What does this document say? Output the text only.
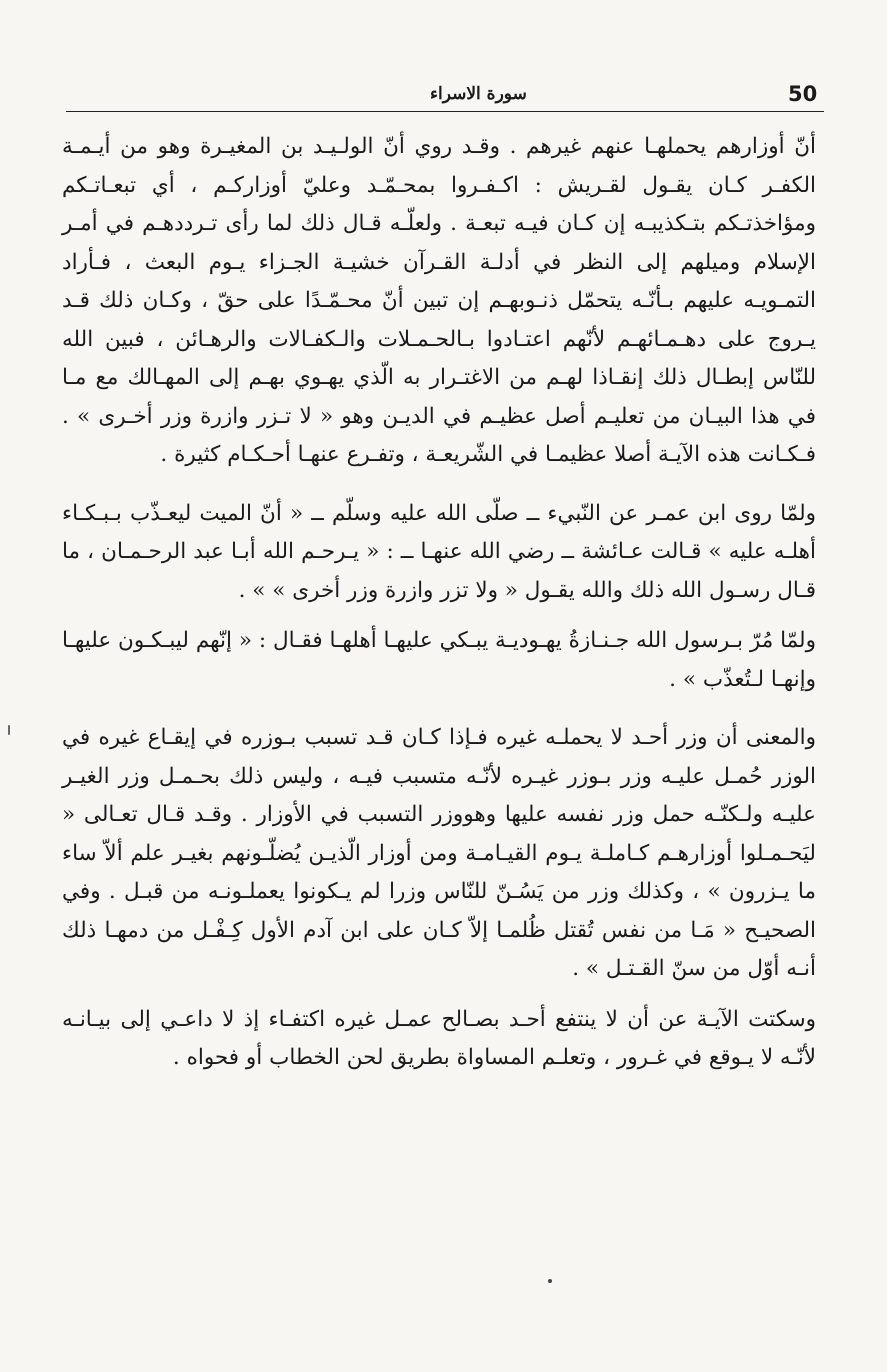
50
سورة الاسراء

أنّ أوزارهم يحملهـا عنهم غيرهم . وقـد روي أنّ الولـيـد بن المغيـرة وهو من أيـمـة الكفـر كـان يقـول لقـريش : اكـفـروا بمحـمّـد وعليّ أوزاركـم ، أي تبعـاتـكم ومؤاخذتـكم بتـكذيبـه إن كـان فيـه تبعـة . ولعلّـه قـال ذلك لما رأى تـرددهـم في أمـر الإسلام وميلهم إلى النظر في أدلـة القـرآن خشيـة الجـزاء يـوم البعث ، فـأراد التمـويـه عليهم بـأنّـه يتحمّل ذنـوبهـم إن تبين أنّ محـمّـدًا على حقّ ، وكـان ذلك قـد يـروج على دهـمـائهـم لأنّهم اعتـادوا بـالحـمـلات والـكفـالات والرهـائن ، فبين الله للنّاس إبطـال ذلك إنقـاذا لهـم من الاغتـرار به الّذي يهـوي بهـم إلى المهـالك مع مـا في هذا البيـان من تعليـم أصل عظيـم في الديـن وهو « لا تـزر وازرة وزر أخـرى » . فـكـانت هذه الآيـة أصلا عظيمـا في الشّريعـة ، وتفـرع عنهـا أحـكـام كثيرة .

ولمّا روى ابن عمـر عن النّبيء ــ صلّى الله عليه وسلّم ــ « أنّ الميت ليعـذّب بـبـكـاء أهلـه عليه » قـالت عـائشة ــ رضي الله عنهـا ــ : « يـرحـم الله أبـا عبد الرحـمـان ، ما قـال رسـول الله ذلك والله يقـول « ولا تزر وازرة وزر أخرى » » .

ولمّا مُرّ بـرسول الله جـنـازةُ يهـوديـة يبـكي عليهـا أهلهـا فقـال : « إنّهم ليبـكـون عليهـا وإنهـا لـتُعذّب » .

والمعنى أن وزر أحـد لا يحملـه غيره فـإذا كـان قـد تسبب بـوزره في إيقـاع غيره في الوزر حُمـل عليـه وزر بـوزر غيـره لأنّـه متسبب فيـه ، وليس ذلك بحـمـل وزر الغيـر عليـه ولـكنّـه حمل وزر نفسه عليها وهووزر التسبب في الأوزار . وقـد قـال تعـالى « ليَحـمـلوا أوزارهـم كـاملـة يـوم القيـامـة ومن أوزار الّذيـن يُضلّـونهم بغيـر علم ألاّ ساء ما يـزرون » ، وكذلك وزر من يَسُـنّ للنّاس وزرا لم يـكونوا يعملـونـه من قبـل . وفي الصحيـح « مَـا من نفس تُقتل ظُلمـا إلاّ كـان على ابن آدم الأول كِـفْـل من دمهـا ذلك أنـه أوّل من سنّ القـتـل » .

وسكتت الآيـة عن أن لا ينتفع أحـد بصـالح عمـل غيره اكتفـاء إذ لا داعـي إلى بيـانـه لأنّـه لا يـوقع في غـرور ، وتعلـم المساواة بطريق لحن الخطاب أو فحواه .
